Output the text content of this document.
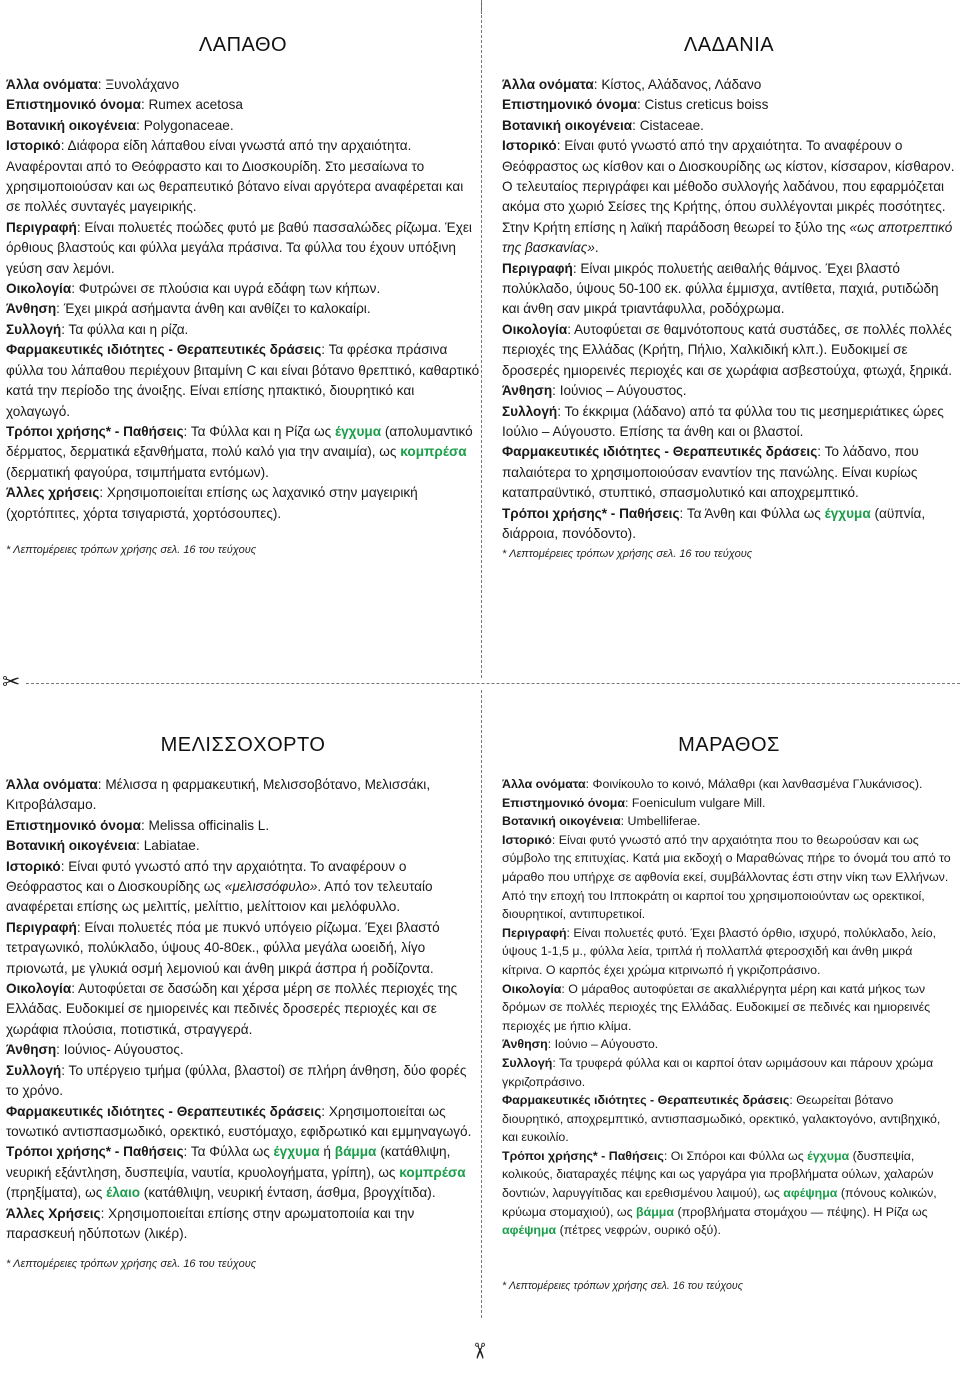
✂
✂
ΛΑΠΑΘΟ

Άλλα ονόματα: Ξυνολάχανο

Επιστημονικό όνομα: Rumex acetosa

Βοτανική οικογένεια: Polygonaceae.

Ιστορικό: Διάφορα είδη λάπαθου είναι γνωστά από την αρχαιότητα. Αναφέρονται από το Θεόφραστο και το Διοσκουρίδη. Στο μεσαίωνα το χρησιμοποιούσαν και ως θεραπευτικό βότανο είναι αργότερα αναφέρεται και σε πολλές συνταγές μαγειρικής.

Περιγραφή: Είναι πολυετές ποώδες φυτό με βαθύ πασσαλώδες ρίζωμα. Έχει όρθιους βλαστούς και φύλλα μεγάλα πράσινα. Τα φύλλα του έχουν υπόξινη γεύση σαν λεμόνι.

Οικολογία: Φυτρώνει σε πλούσια και υγρά εδάφη των κήπων.

Άνθηση: Έχει μικρά ασήμαντα άνθη και ανθίζει το καλοκαίρι.

Συλλογή: Τα φύλλα και η ρίζα.

Φαρμακευτικές ιδιότητες - Θεραπευτικές δράσεις: Τα φρέσκα πράσινα φύλλα του λάπαθου περιέχουν βιταμίνη C και είναι βότανο θρεπτικό, καθαρτικό κατά την περίοδο της άνοιξης. Είναι επίσης ηπακτικό, διουρητικό και χολαγωγό.

Τρόποι χρήσης* - Παθήσεις: Τα Φύλλα και η Ρίζα ως έγχυμα (απολυμαντικό δέρματος, δερματικά εξανθήματα, πολύ καλό για την αναιμία), ως κομπρέσα (δερματική φαγούρα, τσιμπήματα εντόμων).

Άλλες χρήσεις: Χρησιμοποιείται επίσης ως λαχανικό στην μαγειρική (χορτόπιτες, χόρτα τσιγαριστά, χορτόσουπες).

* Λεπτομέρειες τρόπων χρήσης σελ. 16 του τεύχους
ΛΑΔΑΝΙΑ

Άλλα ονόματα: Κίστος, Αλάδανος, Λάδανο

Επιστημονικό όνομα: Cistus creticus boiss

Βοτανική οικογένεια: Cistaceae.

Ιστορικό: Είναι φυτό γνωστό από την αρχαιότητα. Το αναφέρουν ο Θεόφραστος ως κίσθον και ο Διοσκουρίδης ως κίστον, κίσσαρον, κίσθαρον. Ο τελευταίος περιγράφει και μέθοδο συλλογής λαδάνου, που εφαρμόζεται ακόμα στο χωριό Σείσες της Κρήτης, όπου συλλέγονται μικρές ποσότητες. Στην Κρήτη επίσης η λαϊκή παράδοση θεωρεί το ξύλο της «ως αποτρεπτικό της βασκανίας».

Περιγραφή: Είναι μικρός πολυετής αειθαλής θάμνος. Έχει βλαστό πολύκλαδο, ύψους 50-100 εκ. φύλλα έμμισχα, αντίθετα, παχιά, ρυτιδώδη και άνθη σαν μικρά τριαντάφυλλα, ροδόχρωμα.

Οικολογία: Αυτοφύεται σε θαμνότοπους κατά συστάδες, σε πολλές πολλές περιοχές της Ελλάδας (Κρήτη, Πήλιο, Χαλκιδική κλπ.). Ευδοκιμεί σε δροσερές ημιορεινές περιοχές και σε χωράφια ασβεστούχα, φτωχά, ξηρικά.

Άνθηση: Ιούνιος – Αύγουστος.

Συλλογή: Το έκκριμα (λάδανο) από τα φύλλα του τις μεσημεριάτικες ώρες Ιούλιο – Αύγουστο. Επίσης τα άνθη και οι βλαστοί.

Φαρμακευτικές ιδιότητες - Θεραπευτικές δράσεις: Το λάδανο, που παλαιότερα το χρησιμοποιούσαν εναντίον της πανώλης. Είναι κυρίως καταπραϋντικό, στυπτικό, σπασμολυτικό και αποχρεμπτικό.

Τρόποι χρήσης* - Παθήσεις: Τα Άνθη και Φύλλα ως έγχυμα (αϋπνία, διάρροια, πονόδοντο).

* Λεπτομέρειες τρόπων χρήσης σελ. 16 του τεύχους
ΜΕΛΙΣΣΟΧΟΡΤΟ

Άλλα ονόματα: Μέλισσα η φαρμακευτική, Μελισσοβότανο, Μελισσάκι, Κιτροβάλσαμο.

Επιστημονικό όνομα: Melissa officinalis L.

Βοτανική οικογένεια: Labiatae.

Ιστορικό: Είναι φυτό γνωστό από την αρχαιότητα. Το αναφέρουν ο Θεόφραστος και ο Διοσκουρίδης ως «μελισσόφυλο». Από τον τελευταίο αναφέρεται επίσης ως μελιττίς, μελίττιο, μελίττοιον και μελόφυλλο.

Περιγραφή: Είναι πολυετές πόα με πυκνό υπόγειο ρίζωμα. Έχει βλαστό τετραγωνικό, πολύκλαδο, ύψους 40-80εκ., φύλλα μεγάλα ωοειδή, λίγο πριονωτά, με γλυκιά οσμή λεμονιού και άνθη μικρά άσπρα ή ροδίζοντα.

Οικολογία: Αυτοφύεται σε δασώδη και χέρσα μέρη σε πολλές περιοχές της Ελλάδας. Ευδοκιμεί σε ημιορεινές και πεδινές δροσερές περιοχές και σε χωράφια πλούσια, ποτιστικά, στραγγερά.

Άνθηση: Ιούνιος- Αύγουστος.

Συλλογή: Το υπέργειο τμήμα (φύλλα, βλαστοί) σε πλήρη άνθηση, δύο φορές το χρόνο.

Φαρμακευτικές ιδιότητες - Θεραπευτικές δράσεις: Χρησιμοποιείται ως τονωτικό αντισπασμωδικό, ορεκτικό, ευστόμαχο, εφιδρωτικό και εμμηναγωγό.

Τρόποι χρήσης* - Παθήσεις: Τα Φύλλα ως έγχυμα ή βάμμα (κατάθλιψη, νευρική εξάντληση, δυσπεψία, ναυτία, κρυολογήματα, γρίπη), ως κομπρέσα (πρηξίματα), ως έλαιο (κατάθλιψη, νευρική ένταση, άσθμα, βρογχίτιδα).

Άλλες Χρήσεις: Χρησιμοποιείται επίσης στην αρωματοποιία και την παρασκευή ηδύποτων (λικέρ).

* Λεπτομέρειες τρόπων χρήσης σελ. 16 του τεύχους
ΜΑΡΑΘΟΣ

Άλλα ονόματα: Φοινίκουλο το κοινό, Μάλαθρι (και λανθασμένα Γλυκάνισος).

Επιστημονικό όνομα: Foeniculum vulgare Mill.

Βοτανική οικογένεια: Umbelliferae.

Ιστορικό: Είναι φυτό γνωστό από την αρχαιότητα που το θεωρούσαν και ως σύμβολο της επιτυχίας. Κατά μια εκδοχή ο Μαραθώνας πήρε το όνομά του από το μάραθο που υπήρχε σε αφθονία εκεί, συμβάλλοντας έστι στην νίκη των Ελλήνων. Από την εποχή του Ιπποκράτη οι καρποί του χρησιμοποιούνταν ως ορεκτικοί, διουρητικοί, αντιπυρετικοί.

Περιγραφή: Είναι πολυετές φυτό. Έχει βλαστό όρθιο, ισχυρό, πολύκλαδο, λείο, ύψους 1-1,5 μ., φύλλα λεία, τριπλά ή πολλαπλά φτεροσχιδή και άνθη μικρά κίτρινα. Ο καρπός έχει χρώμα κιτρινωπό ή γκριζοπράσινο.

Οικολογία: Ο μάραθος αυτοφύεται σε ακαλλιέργητα μέρη και κατά μήκος των δρόμων σε πολλές περιοχές της Ελλάδας. Ευδοκιμεί σε πεδινές και ημιορεινές περιοχές με ήπιο κλίμα.

Άνθηση: Ιούνιο – Αύγουστο.

Συλλογή: Τα τρυφερά φύλλα και οι καρποί όταν ωριμάσουν και πάρουν χρώμα γκριζοπράσινο.

Φαρμακευτικές ιδιότητες - Θεραπευτικές δράσεις: Θεωρείται βότανο διουρητικό, αποχρεμπτικό, αντισπασμωδικό, ορεκτικό, γαλακτογόνο, αντιβηχικό, και ευκοιλίο.

Τρόποι χρήσης* - Παθήσεις: Οι Σπόροι και Φύλλα ως έγχυμα (δυσπεψία, κολικούς, διαταραχές πέψης και ως γαργάρα για προβλήματα ούλων, χαλαρών δοντιών, λαρυγγίτιδας και ερεθισμένου λαιμού), ως αφέψημα (πόνους κολικών, κρύωμα στομαχιού), ως βάμμα (προβλήματα στομάχου — πέψης). Η Ρίζα ως αφέψημα (πέτρες νεφρών, ουρικό οξύ).

* Λεπτομέρειες τρόπων χρήσης σελ. 16 του τεύχους
